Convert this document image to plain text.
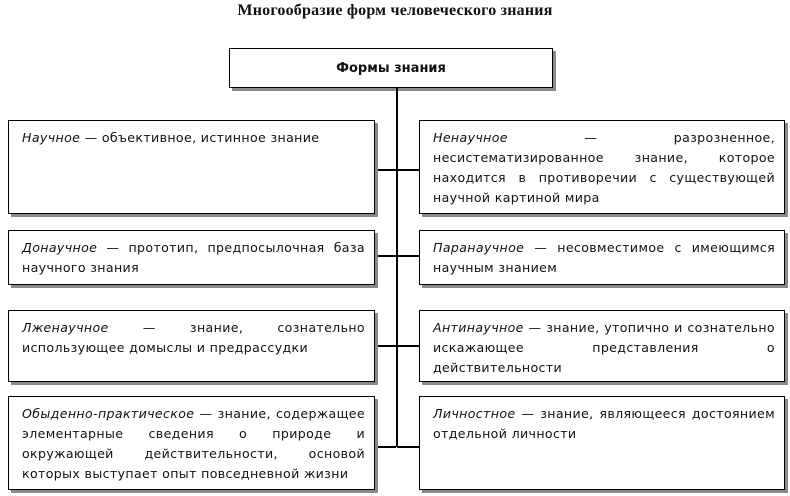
Многообразие форм человеческого знания
Формы знания
Научное — объективное, истинное знание
Донаучное — прототип, предпосылочная база научного знания
Лженаучное — знание, сознательно использующее домыслы и предрассудки
Обыденно-практическое — знание, содержащее элементарные сведения о природе и окружающей действительности, основой которых выступает опыт повседневной жизни
Ненаучное — разрозненное, несистематизированное знание, которое находится в противоречии с существующей научной картиной мира
Паранаучное — несовместимое с имеющимся научным знанием
Антинаучное — знание, утопично и сознательно искажающее представления о действительности
Личностное — знание, являющееся достоянием отдельной личности
